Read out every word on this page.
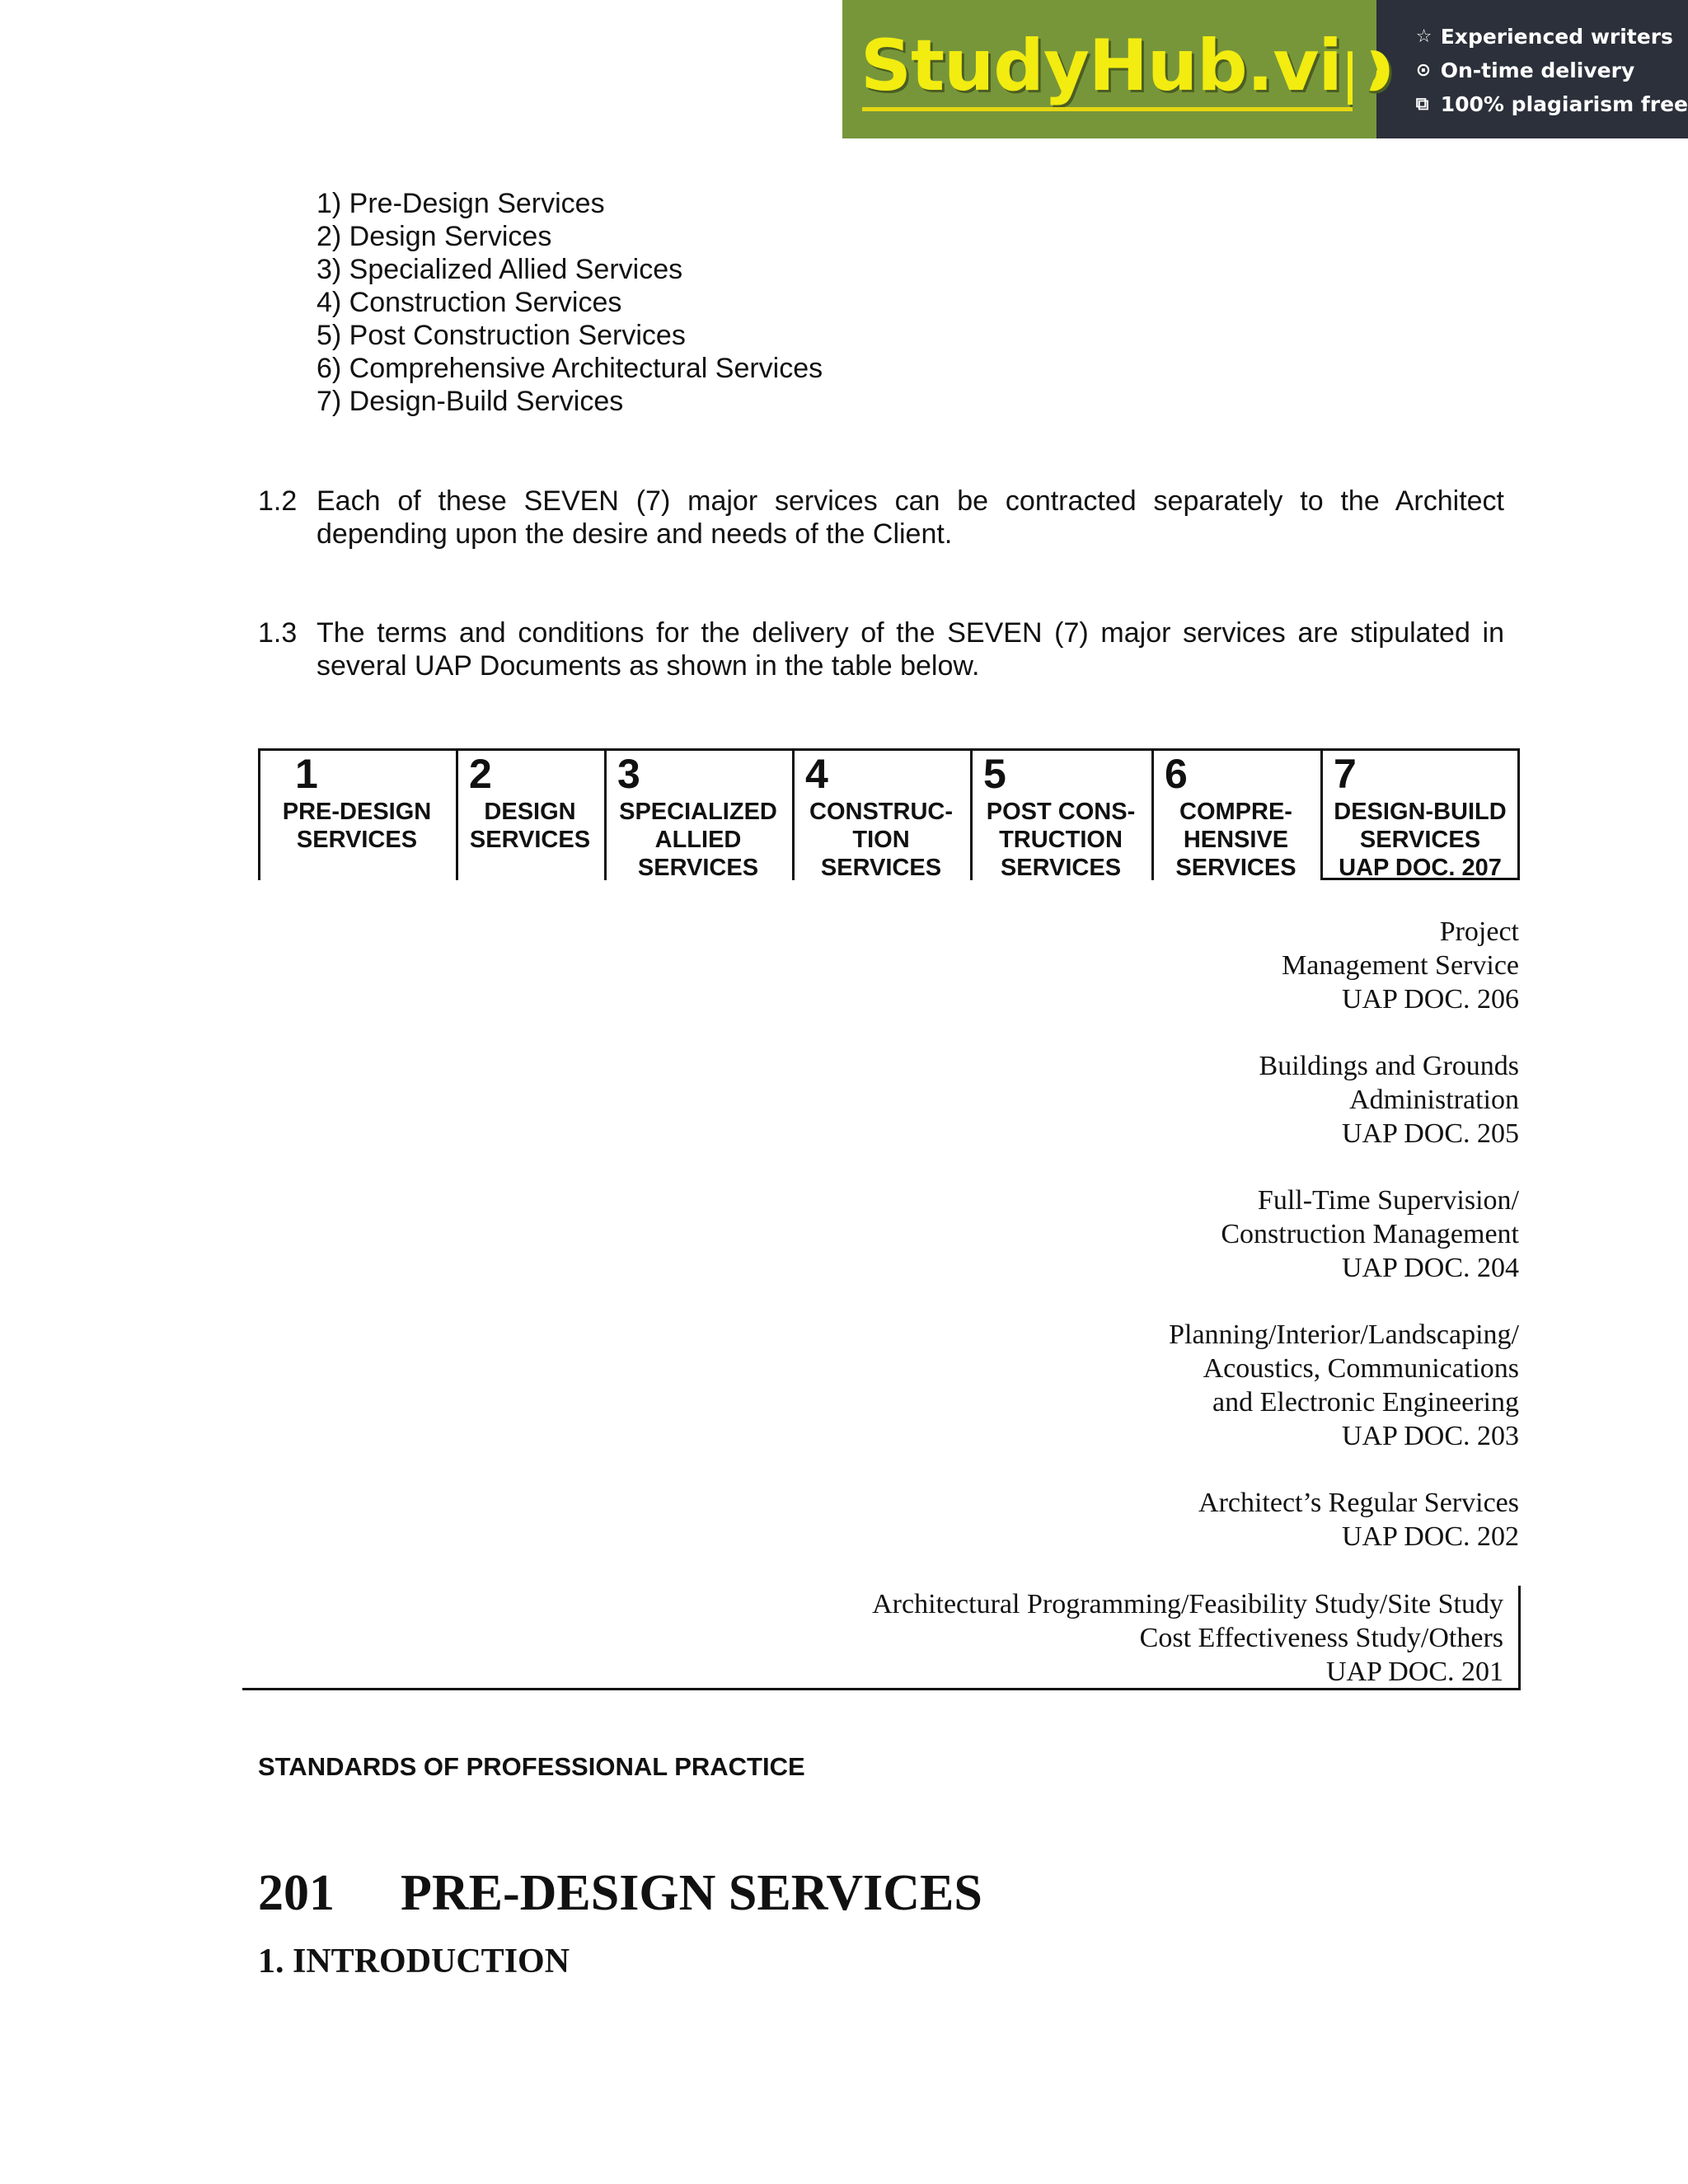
StudyHub.vip ☆ Experienced writers
⊙ On-time delivery
⧉ 100% plagiarism free
1) Pre-Design Services
2) Design Services
3) Specialized Allied Services
4) Construction Services
5) Post Construction Services
6) Comprehensive Architectural Services
7) Design-Build Services
1.2 Each of these SEVEN (7) major services can be contracted separately to the Architect
depending upon the desire and needs of the Client.
1.3 The terms and conditions for the delivery of the SEVEN (7) major services are stipulated in
several UAP Documents as shown in the table below.
1
PRE-DESIGN
SERVICES
2
DESIGN
SERVICES
3
SPECIALIZED
ALLIED
SERVICES
4
CONSTRUC-
TION
SERVICES
5
POST CONS-
TRUCTION
SERVICES
6
COMPRE-
HENSIVE
SERVICES
7
DESIGN-BUILD
SERVICES
UAP DOC. 207
Project
Management Service
UAP DOC. 206
Buildings and Grounds
Administration
UAP DOC. 205
Full-Time Supervision/
Construction Management
UAP DOC. 204
Planning/Interior/Landscaping/
Acoustics, Communications
and Electronic Engineering
UAP DOC. 203
Architect’s Regular Services
UAP DOC. 202
Architectural Programming/Feasibility Study/Site Study
Cost Effectiveness Study/Others
UAP DOC. 201
STANDARDS OF PROFESSIONAL PRACTICE
201 PRE-DESIGN SERVICES
1. INTRODUCTION
